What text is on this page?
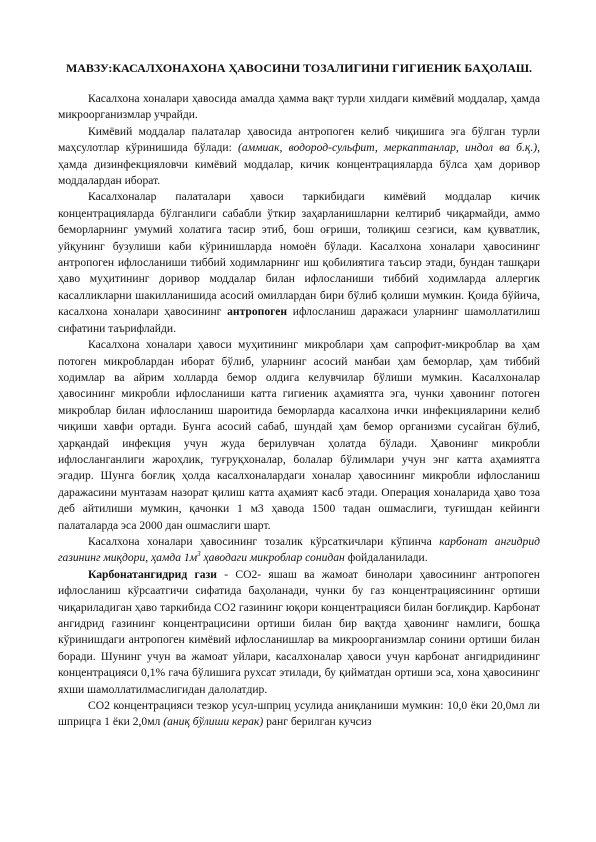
МАВЗУ:КАСАЛХОНАХОНА ҲАВОСИНИ ТОЗАЛИГИНИ ГИГИЕНИК БАҲОЛАШ.

Касалхона хоналари ҳавосида амалда ҳамма вақт турли хилдаги кимёвий моддалар, ҳамда микроорганизмлар учрайди.

Кимёвий моддалар палаталар ҳавосида антропоген келиб чиқишига эга бўлган турли маҳсулотлар кўринишида бўлади: (аммиак, водород-сульфит, меркаптанлар, индол ва б.қ.), ҳамда дизинфекцияловчи кимёвий моддалар, кичик концентрацияларда бўлса ҳам доривор моддалардан иборат.

Касалхоналар палаталари ҳавоси таркибидаги кимёвий моддалар кичик концентрацияларда бўлганлиги сабабли ўткир заҳарланишларни келтириб чиқармайди, аммо беморларнинг умумий холатига тасир этиб, бош оғриши, толиқиш сезгиси, кам қувватлик, уйқунинг бузулиши каби кўринишларда номоён бўлади. Касалхона хоналари ҳавосининг антропоген ифлосланиши тиббий ходимларнинг иш қобилиятига таъсир этади, бундан ташқари ҳаво муҳитининг доривор моддалар билан ифлосланиши тиббий ходимларда аллергик касалликларни шакилланишида асосий омиллардан бири бўлиб қолиши мумкин. Қоида бўйича, касалхона хоналари ҳавосининг антропоген ифлосланиш даражаси уларнинг шамоллатилиш сифатини таърифлайди.

Касалхона хоналари ҳавоси муҳитининг микроблари ҳам сапрофит-микроблар ва ҳам потоген микроблардан иборат бўлиб, уларнинг асосий манбаи ҳам беморлар, ҳам тиббий ходимлар ва айрим холларда бемор олдига келувчилар бўлиши мумкин. Касалхоналар ҳавосининг микробли ифлосланиши катта гигиеник аҳамиятга эга, чунки ҳавонинг потоген микроблар билан ифлосланиш шароитида беморларда касалхона ички инфекцияларини келиб чиқиши хавфи ортади. Бунга асосий сабаб, шундай ҳам бемор организми сусайган бўлиб, ҳарқандай инфекция учун жуда берилувчан ҳолатда бўлади. Ҳавонинг микробли ифлосланганлиги жароҳлик, туғруқхоналар, болалар бўлимлари учун энг катта аҳамиятга эгадир. Шунга боғлиқ ҳолда касалхоналардаги хоналар ҳавосининг микробли ифлосланиш даражасини мунтазам назорат қилиш катта аҳамият касб этади. Операция хоналарида ҳаво тоза деб айтилиши мумкин, қачонки 1 м3 ҳавода 1500 тадан ошмаслиги, туғишдан кейинги палаталарда эса 2000 дан ошмаслиги шарт.

Касалхона хоналари ҳавосининг тозалик кўрсаткичлари кўпинча карбонат ангидрид газининг миқдори, ҳамда $1м^3$ ҳаводаги микроблар сонидан фойдаланилади.

Карбонатангидрид гази - СО2- яшаш ва жамоат бинолари ҳавосининг антропоген ифлосланиш кўрсаатгичи сифатида баҳоланади, чунки бу газ концентрациясининг ортиши чиқариладиган ҳаво таркибида СО2 газининг юқори концентрацияси билан боғлиқдир. Карбонат ангидрид газининг концентрацисини ортиши билан бир вақтда ҳавонинг намлиги, бошқа кўринишдаги антропоген кимёвий ифлосланишлар ва микроорганизмлар сонини ортиши билан боради. Шунинг учун ва жамоат уйлари, касалхоналар ҳавоси учун карбонат ангидридининг концентрацияси 0,1% гача бўлишига рухсат этилади, бу қийматдан ортиши эса, хона ҳавосининг яхши шамоллатилмаслигидан далолатдир.

СО2 концентрацияси тезкор усул-шприц усулида аниқланиши мумкин: 10,0 ёки 20,0мл ли шприцга 1 ёки 2,0мл (аниқ бўлиши керак) ранг берилган кучсиз
